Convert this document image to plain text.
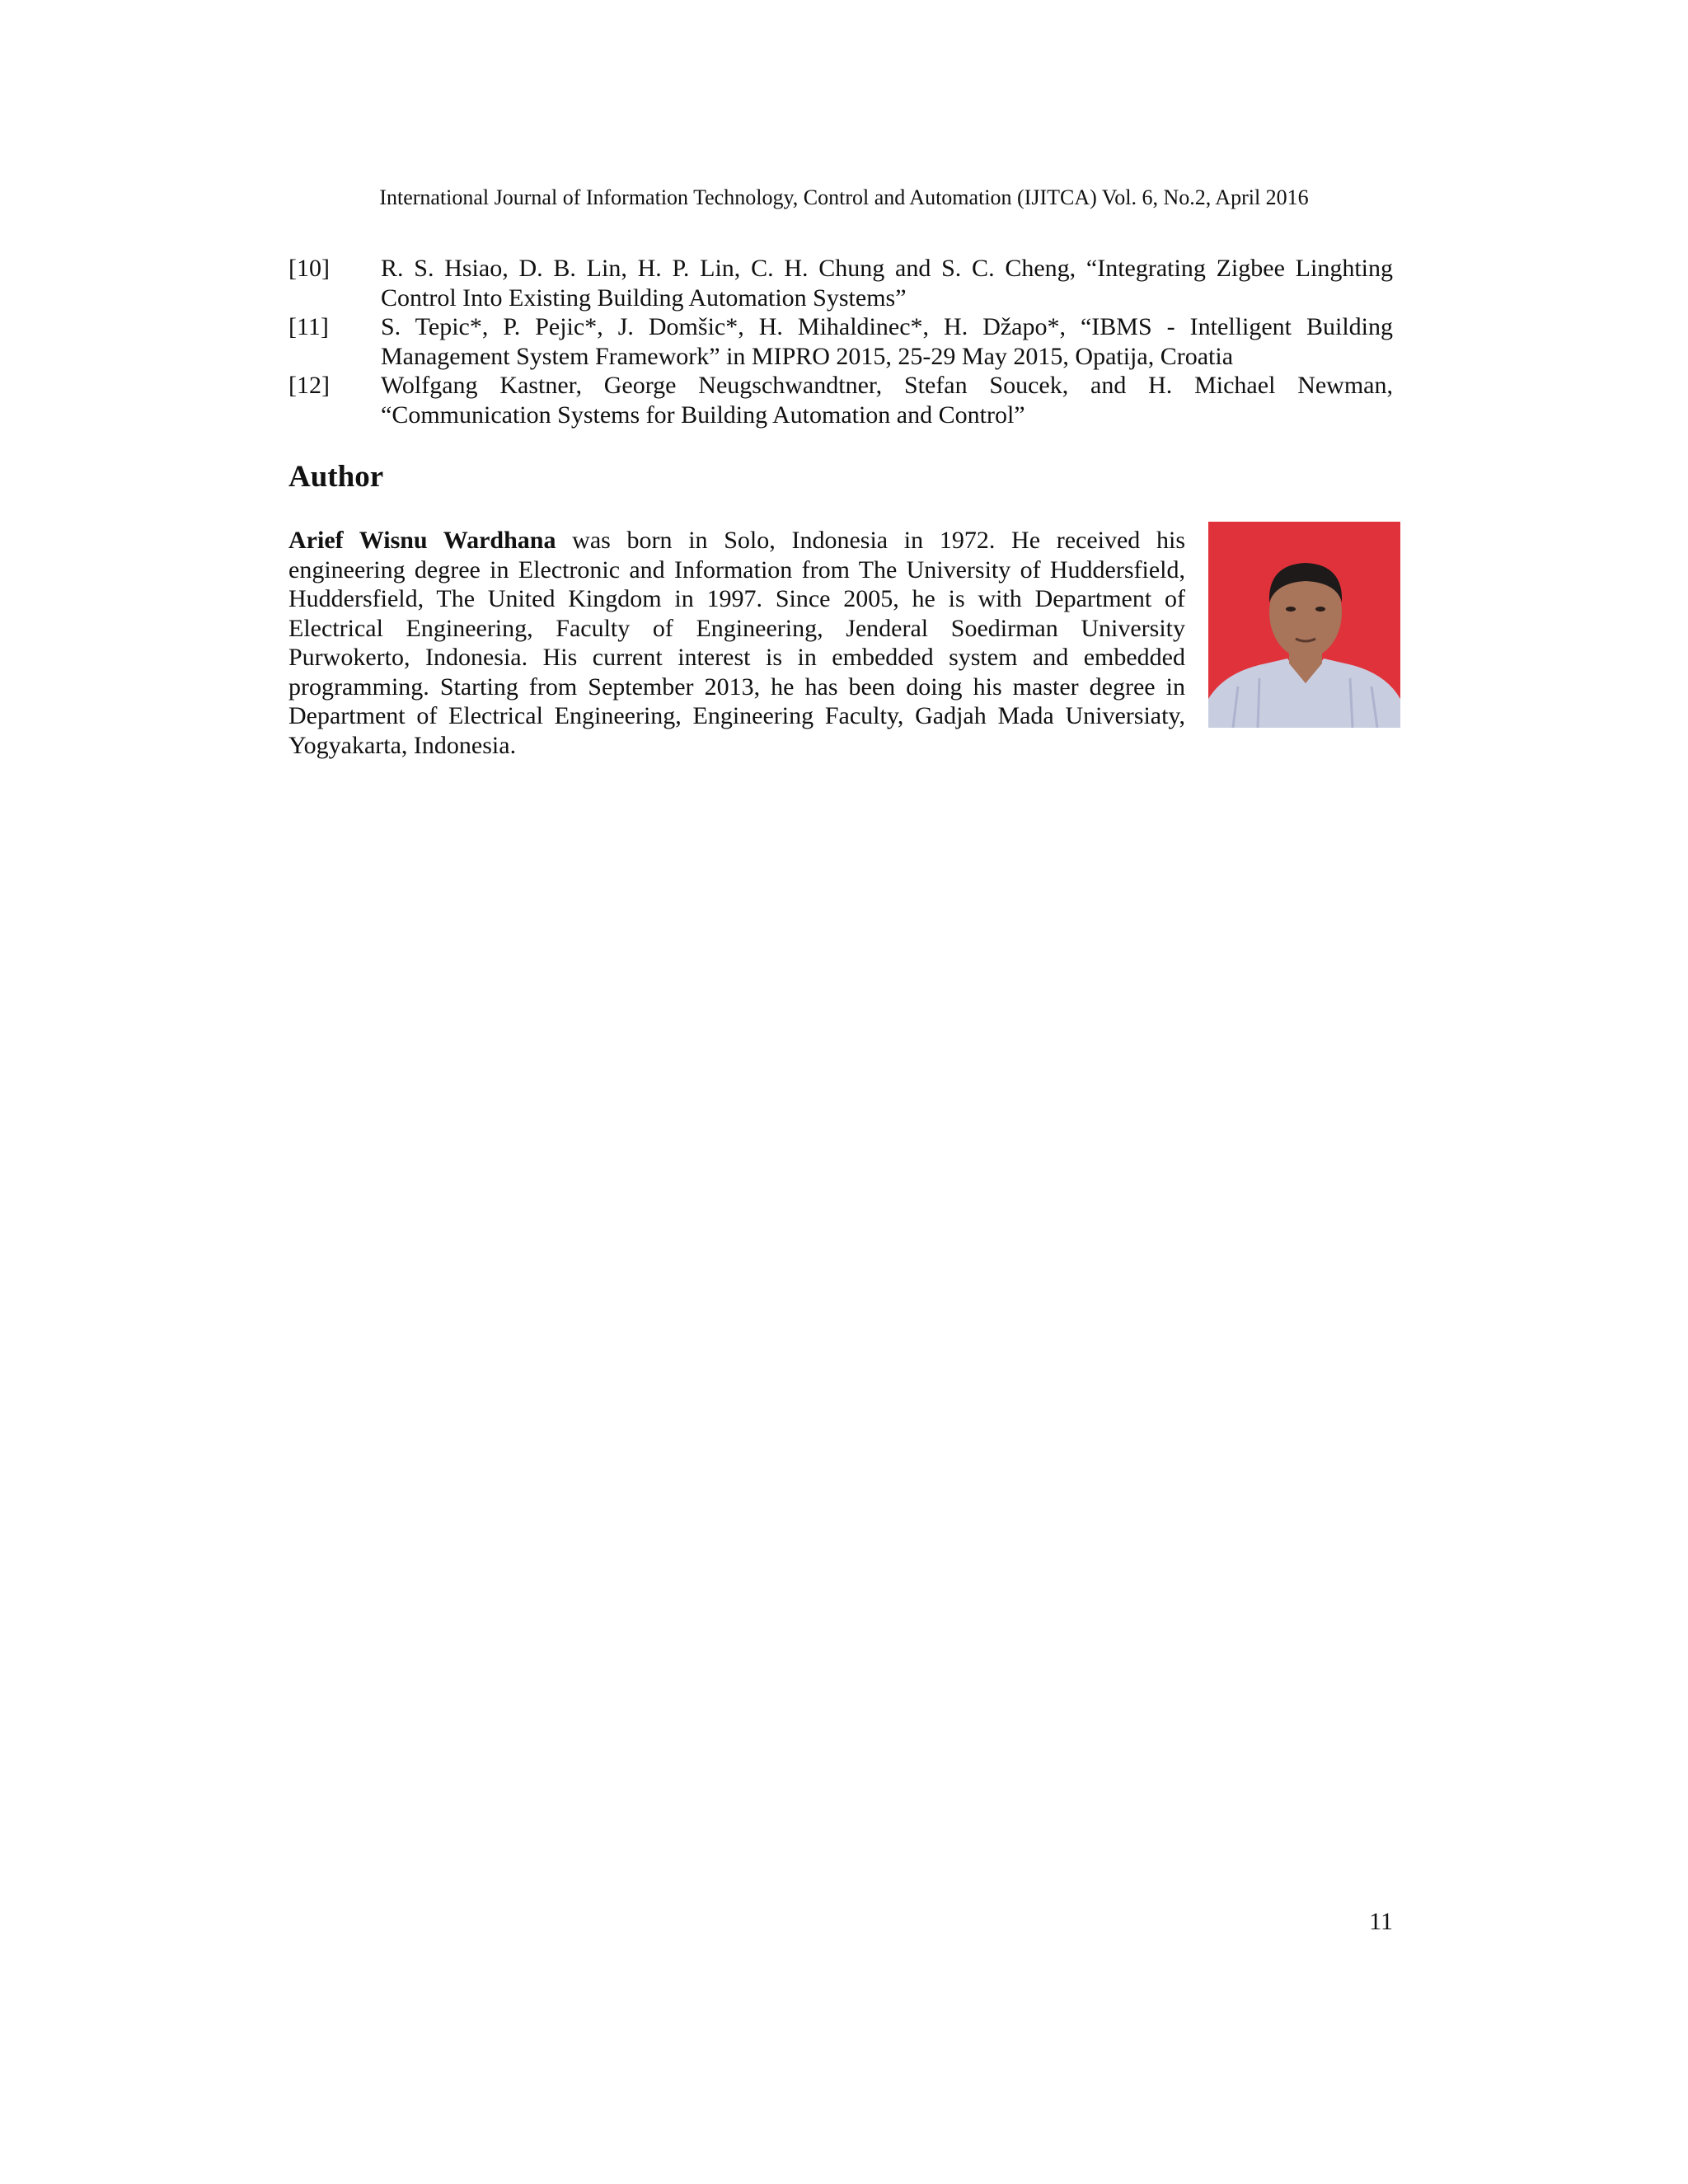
International Journal of Information Technology, Control and Automation (IJITCA) Vol. 6, No.2, April 2016
[10]	R. S. Hsiao, D. B. Lin, H. P. Lin, C. H. Chung and S. C. Cheng, “Integrating Zigbee Linghting Control Into Existing Building Automation Systems”
[11]	S. Tepic*, P. Pejic*, J. Domšic*, H. Mihaldinec*, H. Džapo*, “IBMS - Intelligent Building Management System Framework” in MIPRO 2015, 25-29 May 2015, Opatija, Croatia
[12]	Wolfgang Kastner, George Neugschwandtner, Stefan Soucek, and H. Michael Newman, “Communication Systems for Building Automation and Control”
Author

Arief Wisnu Wardhana was born in Solo, Indonesia in 1972. He received his engineering degree in Electronic and Information from The University of Huddersfield, Huddersfield, The United Kingdom in 1997. Since 2005, he is with Department of Electrical Engineering, Faculty of Engineering, Jenderal Soedirman University Purwokerto, Indonesia. His current interest is in embedded system and embedded programming. Starting from September 2013, he has been doing his master degree in Department of Electrical Engineering, Engineering Faculty, Gadjah Mada Universiaty, Yogyakarta, Indonesia.

11
